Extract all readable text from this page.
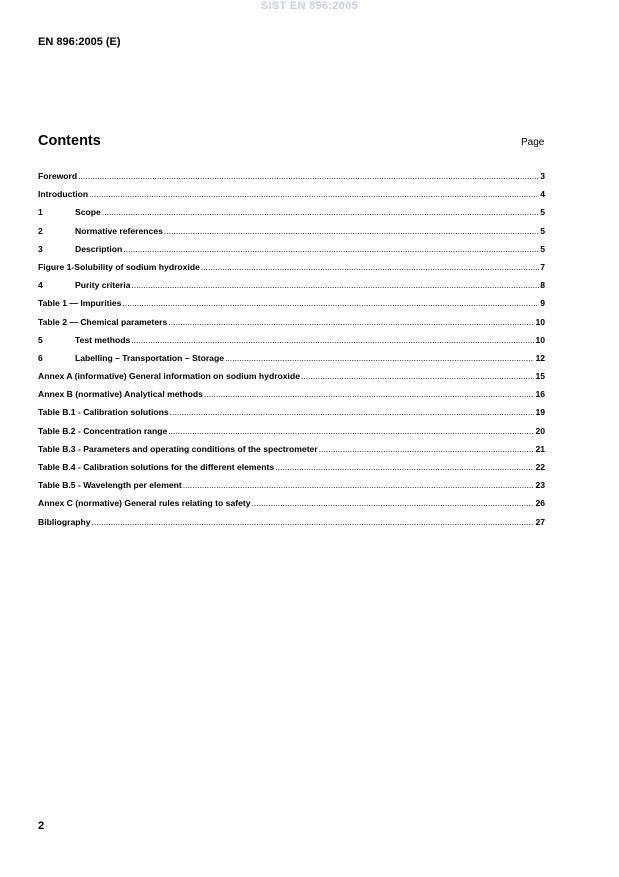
SIST EN 896:2005
EN 896:2005 (E)
Contents	Page
Foreword .....	3
Introduction .....	4
1	Scope .....	5
2	Normative references .....	5
3	Description .....	5
Figure 1-Solubility of sodium hydroxide .....	7
4	Purity criteria .....	8
Table 1 — Impurities .....	9
Table 2 — Chemical parameters .....	10
5	Test methods .....	10
6	Labelling – Transportation – Storage .....	12
Annex A (informative) General information on sodium hydroxide .....	15
Annex B (normative) Analytical methods .....	16
Table B.1 - Calibration solutions .....	19
Table B.2 - Concentration range .....	20
Table B.3 - Parameters and operating conditions of the spectrometer .....	21
Table B.4 - Calibration solutions for the different elements .....	22
Table B.5 - Wavelength per element .....	23
Annex C (normative) General rules relating to safety .....	26
Bibliography .....	27
2
